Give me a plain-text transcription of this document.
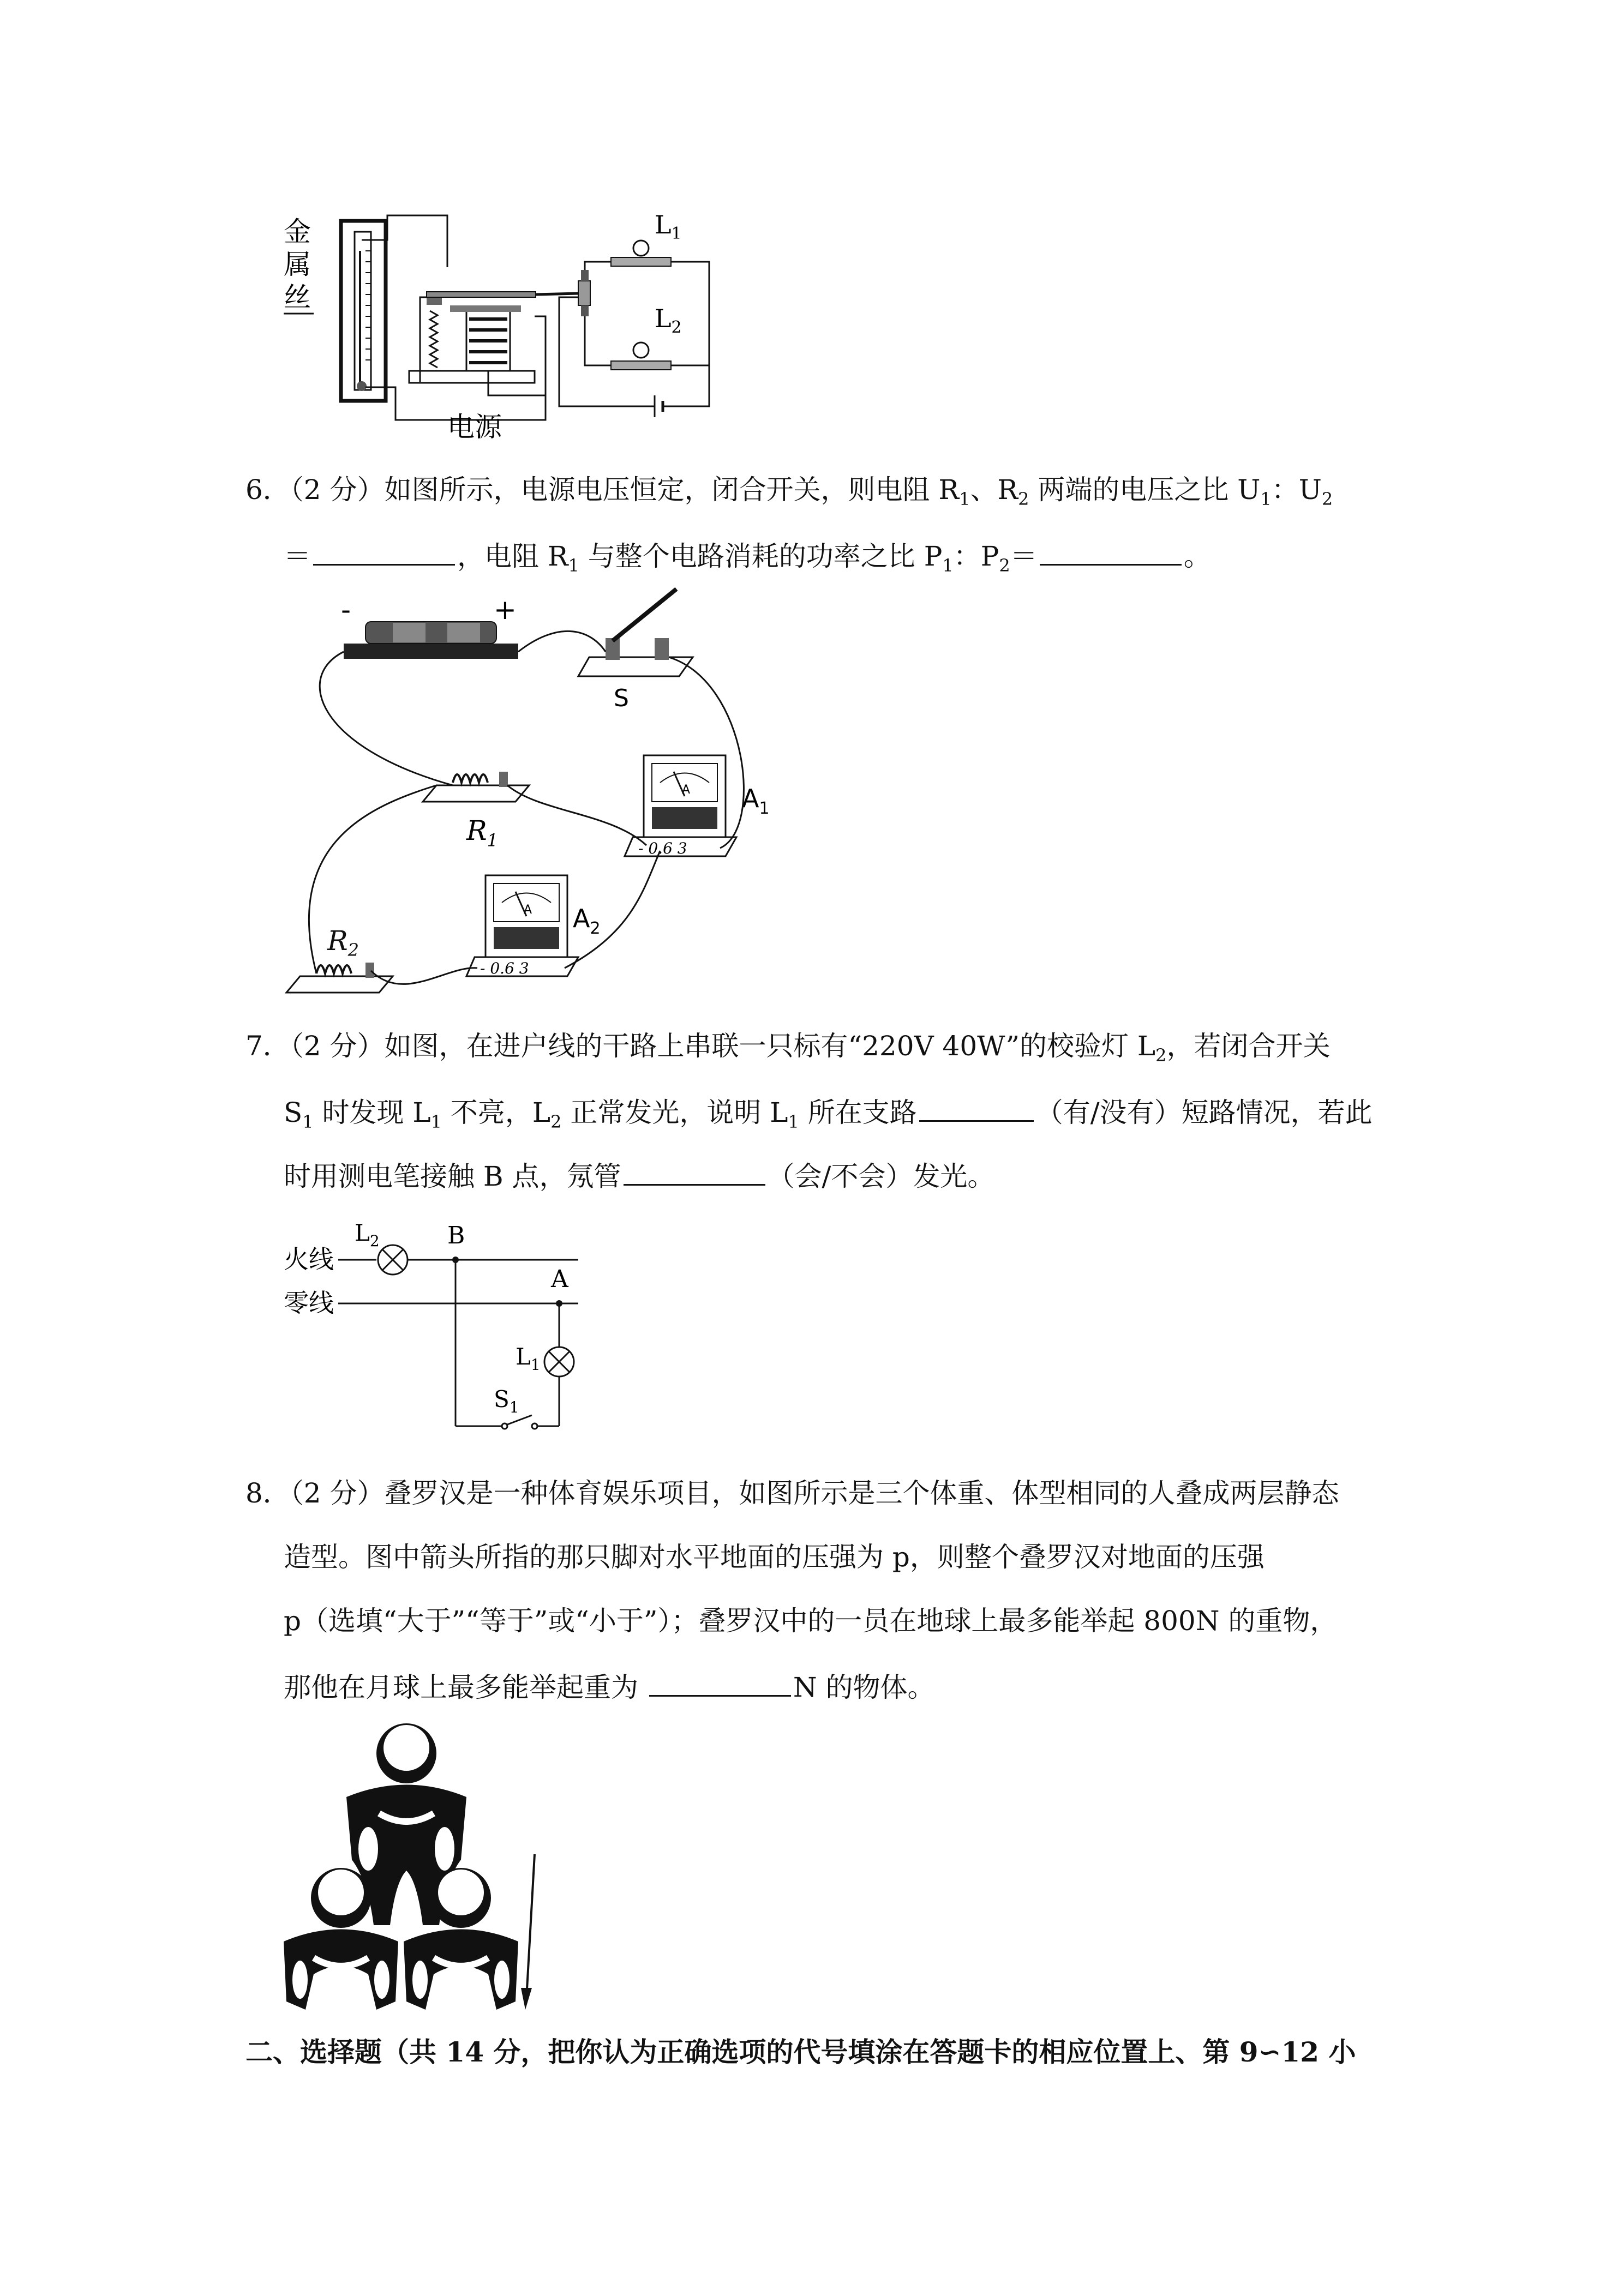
金
属
丝
$L_1$
$L_2$
电源
6．（2 分）如图所示，电源电压恒定，闭合开关，则电阻 $R_1$、$R_2$ 两端的电压之比 $U_1$：$U_2$
＝	，电阻 $R_1$ 与整个电路消耗的功率之比 $P_1$：$P_2=$	。
-	+
S
$R_1$
A
- 0.6 3
$A_1$
A
- 0.6 3
$A_2$
$R_2$
7．（2 分）如图，在进户线的干路上串联一只标有“220V 40W”的校验灯 $L_2$，若闭合开关
$S_1$ 时发现 $L_1$ 不亮，$L_2$ 正常发光，说明 $L_1$ 所在支路	（有/没有）短路情况，若此
时用测电笔接触 B 点，氖管	（会/不会）发光。
火线
零线
$L_2$	B
A
$L_1$
$S_1$
8．（2 分）叠罗汉是一种体育娱乐项目，如图所示是三个体重、体型相同的人叠成两层静态
造型。图中箭头所指的那只脚对水平地面的压强为 p，则整个叠罗汉对地面的压强
p（选填“大于”“等于”或“小于”）；叠罗汉中的一员在地球上最多能举起 800N 的重物，
那他在月球上最多能举起重为	N 的物体。
二、选择题（共 14 分，把你认为正确选项的代号填涂在答题卡的相应位置上、第 9∽12 小
